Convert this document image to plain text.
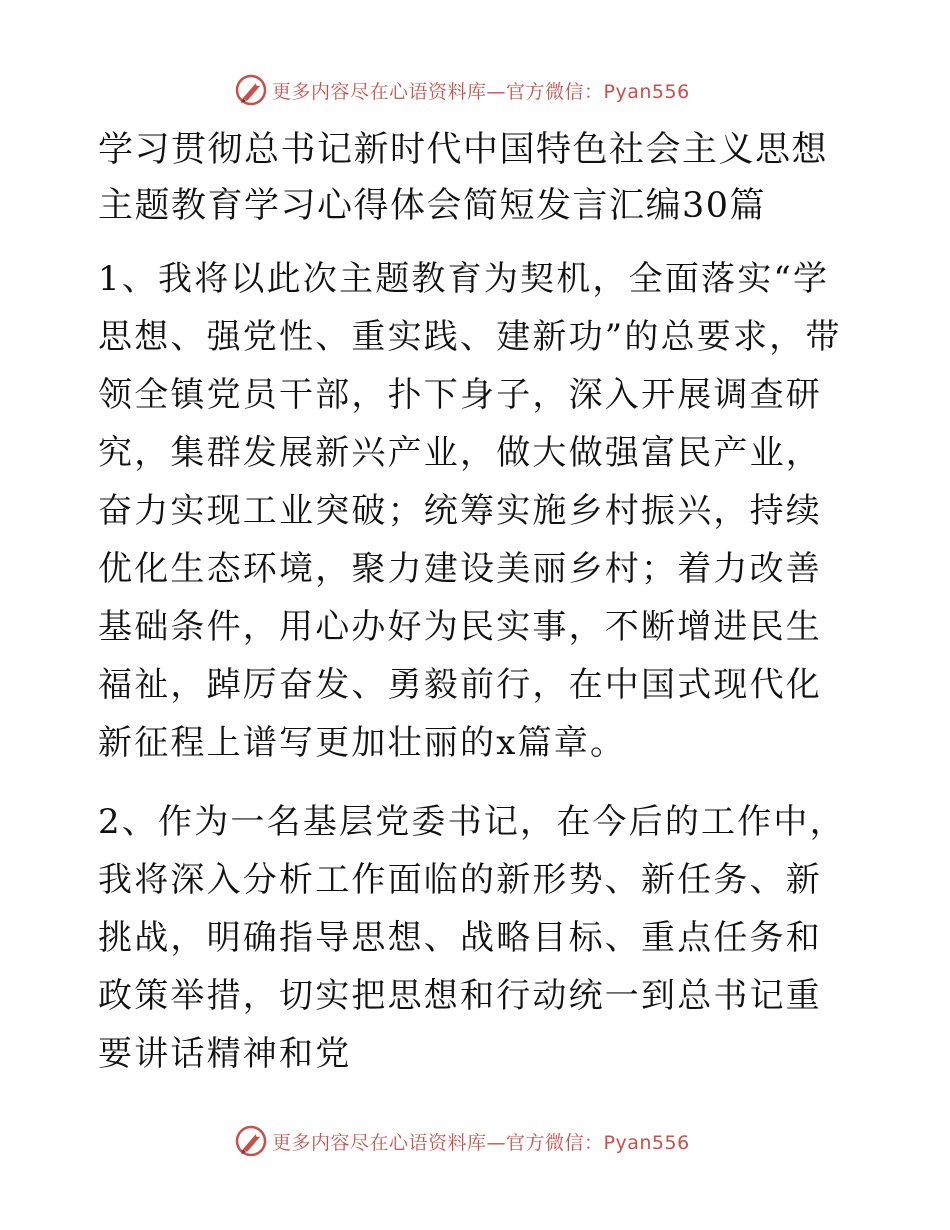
更多内容尽在心语资料库—官方微信：Pyan556
学习贯彻总书记新时代中国特色社会主义思想主题教育学习心得体会简短发言汇编30篇

1、我将以此次主题教育为契机，全面落实“学思想、强党性、重实践、建新功”的总要求，带领全镇党员干部，扑下身子，深入开展调查研究，集群发展新兴产业，做大做强富民产业，奋力实现工业突破；统筹实施乡村振兴，持续优化生态环境，聚力建设美丽乡村；着力改善基础条件，用心办好为民实事，不断增进民生福祉，踔厉奋发、勇毅前行，在中国式现代化新征程上谱写更加壮丽的x篇章。

2、作为一名基层党委书记，在今后的工作中，我将深入分析工作面临的新形势、新任务、新挑战，明确指导思想、战略目标、重点任务和政策举措，切实把思想和行动统一到总书记重要讲话精神和党

更多内容尽在心语资料库—官方微信：Pyan556
